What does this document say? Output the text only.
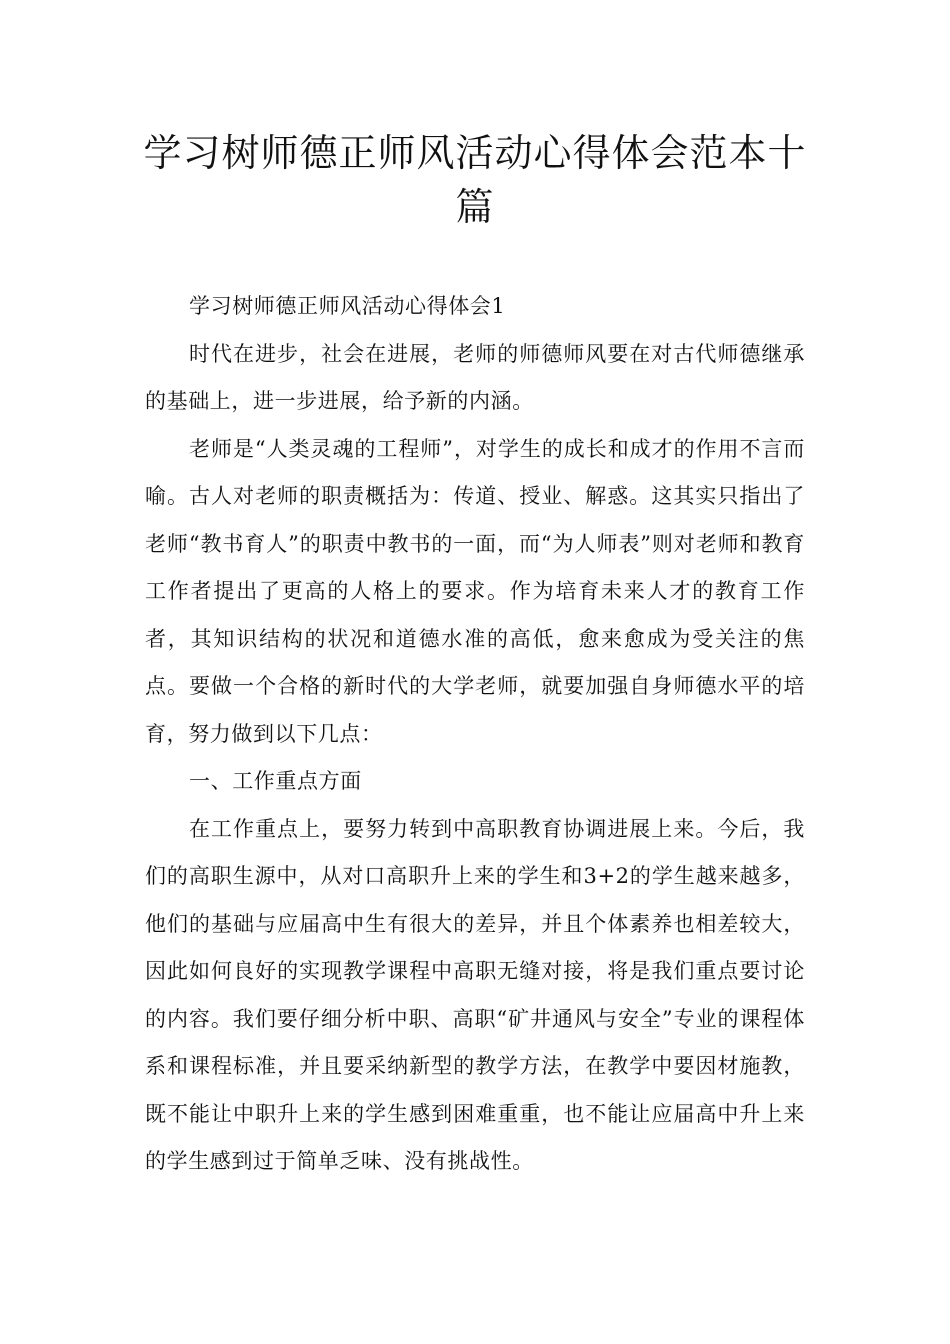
学习树师德正师风活动心得体会范本十篇

学习树师德正师风活动心得体会1

时代在进步，社会在进展，老师的师德师风要在对古代师德继承的基础上，进一步进展，给予新的内涵。

老师是“人类灵魂的工程师”，对学生的成长和成才的作用不言而喻。古人对老师的职责概括为：传道、授业、解惑。这其实只指出了老师“教书育人”的职责中教书的一面，而“为人师表”则对老师和教育工作者提出了更高的人格上的要求。作为培育未来人才的教育工作者，其知识结构的状况和道德水准的高低，愈来愈成为受关注的焦点。要做一个合格的新时代的大学老师，就要加强自身师德水平的培育，努力做到以下几点：

一、工作重点方面

在工作重点上，要努力转到中高职教育协调进展上来。今后，我们的高职生源中，从对口高职升上来的学生和3+2的学生越来越多，他们的基础与应届高中生有很大的差异，并且个体素养也相差较大，因此如何良好的实现教学课程中高职无缝对接，将是我们重点要讨论的内容。我们要仔细分析中职、高职“矿井通风与安全”专业的课程体系和课程标准，并且要采纳新型的教学方法，在教学中要因材施教，既不能让中职升上来的学生感到困难重重，也不能让应届高中升上来的学生感到过于简单乏味、没有挑战性。
